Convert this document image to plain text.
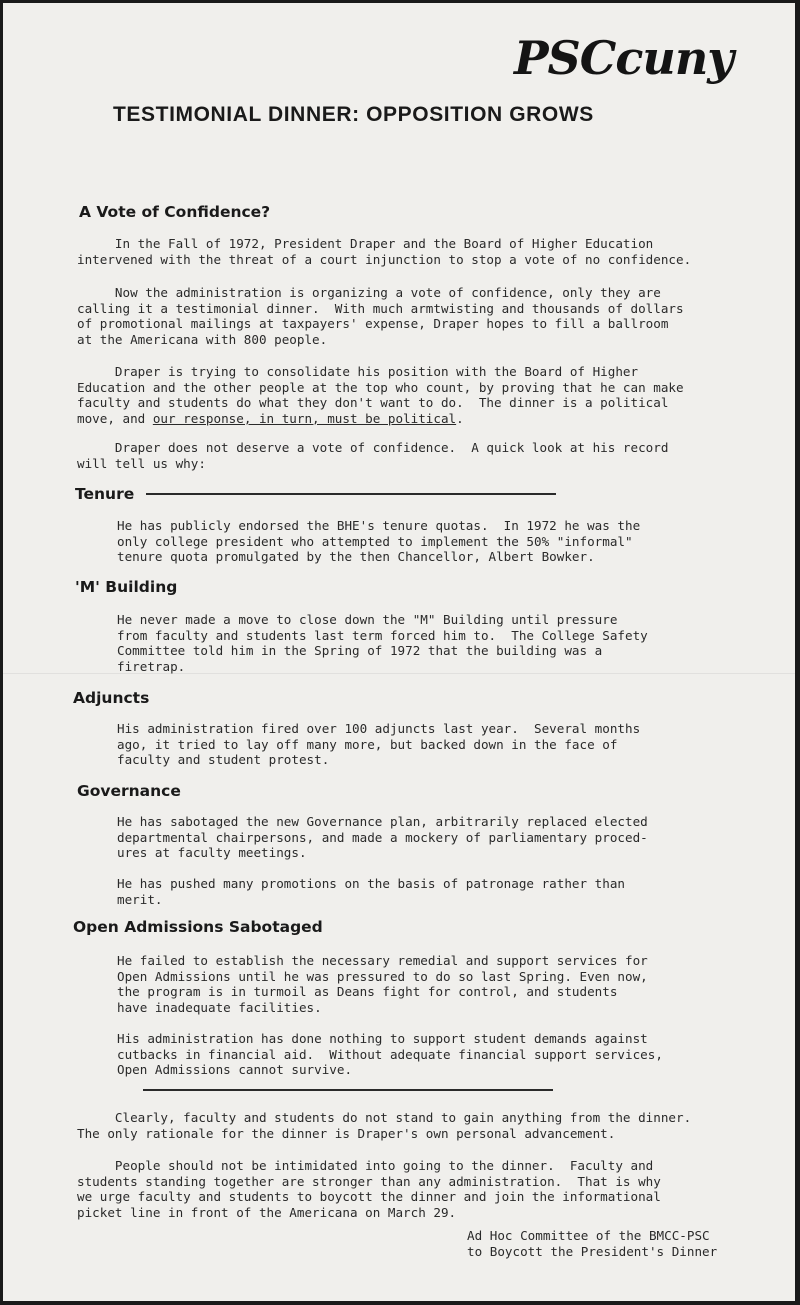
PSCcuny
TESTIMONIAL DINNER: OPPOSITION GROWS
A Vote of Confidence?
In the Fall of 1972, President Draper and the Board of Higher Education
intervened with the threat of a court injunction to stop a vote of no confidence.
Now the administration is organizing a vote of confidence, only they are
calling it a testimonial dinner.  With much armtwisting and thousands of dollars
of promotional mailings at taxpayers' expense, Draper hopes to fill a ballroom
at the Americana with 800 people.
Draper is trying to consolidate his position with the Board of Higher
Education and the other people at the top who count, by proving that he can make
faculty and students do what they don't want to do.  The dinner is a political
move, and our response, in turn, must be political.
Draper does not deserve a vote of confidence.  A quick look at his record
will tell us why:
Tenure
He has publicly endorsed the BHE's tenure quotas.  In 1972 he was the
only college president who attempted to implement the 50% "informal"
tenure quota promulgated by the then Chancellor, Albert Bowker.
'M' Building
He never made a move to close down the "M" Building until pressure
from faculty and students last term forced him to.  The College Safety
Committee told him in the Spring of 1972 that the building was a
firetrap.
Adjuncts
His administration fired over 100 adjuncts last year.  Several months
ago, it tried to lay off many more, but backed down in the face of
faculty and student protest.
Governance
He has sabotaged the new Governance plan, arbitrarily replaced elected
departmental chairpersons, and made a mockery of parliamentary proced-
ures at faculty meetings.
He has pushed many promotions on the basis of patronage rather than
merit.
Open Admissions Sabotaged
He failed to establish the necessary remedial and support services for
Open Admissions until he was pressured to do so last Spring. Even now,
the program is in turmoil as Deans fight for control, and students
have inadequate facilities.
His administration has done nothing to support student demands against
cutbacks in financial aid.  Without adequate financial support services,
Open Admissions cannot survive.
Clearly, faculty and students do not stand to gain anything from the dinner.
The only rationale for the dinner is Draper's own personal advancement.
People should not be intimidated into going to the dinner.  Faculty and
students standing together are stronger than any administration.  That is why
we urge faculty and students to boycott the dinner and join the informational
picket line in front of the Americana on March 29.
Ad Hoc Committee of the BMCC-PSC
to Boycott the President's Dinner
